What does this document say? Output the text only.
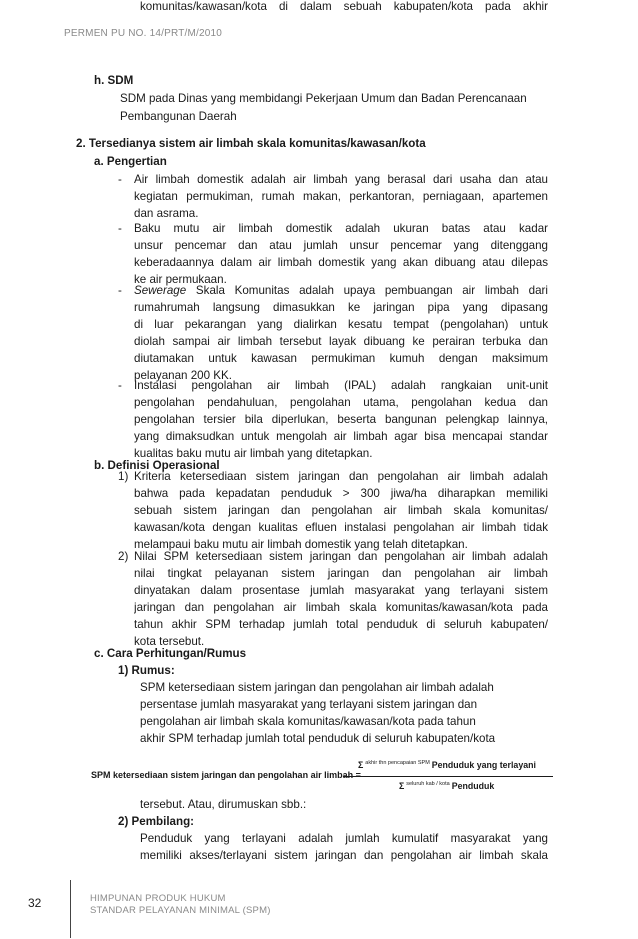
PERMEN PU NO. 14/PRT/M/2010
h. SDM
SDM pada Dinas yang membidangi Pekerjaan Umum dan Badan Perencanaan
Pembangunan Daerah
2. Tersedianya sistem air limbah skala komunitas/kawasan/kota
a. Pengertian
- Air limbah domestik adalah air limbah yang berasal dari usaha dan atau
kegiatan permukiman, rumah makan, perkantoran, perniagaan, apartemen
dan asrama.
- Baku mutu air limbah domestik adalah ukuran batas atau kadar
unsur pencemar dan atau jumlah unsur pencemar yang ditenggang
keberadaannya dalam air limbah domestik yang akan dibuang atau dilepas
ke air permukaan.
- Sewerage Skala Komunitas adalah upaya pembuangan air limbah dari
rumahrumah langsung dimasukkan ke jaringan pipa yang dipasang
di luar pekarangan yang dialirkan kesatu tempat (pengolahan) untuk
diolah sampai air limbah tersebut layak dibuang ke perairan terbuka dan
diutamakan untuk kawasan permukiman kumuh dengan maksimum
pelayanan 200 KK.
- Instalasi pengolahan air limbah (IPAL) adalah rangkaian unit-unit
pengolahan pendahuluan, pengolahan utama, pengolahan kedua dan
pengolahan tersier bila diperlukan, beserta bangunan pelengkap lainnya,
yang dimaksudkan untuk mengolah air limbah agar bisa mencapai standar
kualitas baku mutu air limbah yang ditetapkan.
b. Definisi Operasional
1) Kriteria ketersediaan sistem jaringan dan pengolahan air limbah adalah
bahwa pada kepadatan penduduk > 300 jiwa/ha diharapkan memiliki
sebuah sistem jaringan dan pengolahan air limbah skala komunitas/
kawasan/kota dengan kualitas efluen instalasi pengolahan air limbah tidak
melampaui baku mutu air limbah domestik yang telah ditetapkan.
2) Nilai SPM ketersediaan sistem jaringan dan pengolahan air limbah adalah
nilai tingkat pelayanan sistem jaringan dan pengolahan air limbah
dinyatakan dalam prosentase jumlah masyarakat yang terlayani sistem
jaringan dan pengolahan air limbah skala komunitas/kawasan/kota pada
tahun akhir SPM terhadap jumlah total penduduk di seluruh kabupaten/
kota tersebut.
c. Cara Perhitungan/Rumus
1) Rumus:
SPM ketersediaan sistem jaringan dan pengolahan air limbah adalah
persentase jumlah masyarakat yang terlayani sistem jaringan dan
pengolahan air limbah skala komunitas/kawasan/kota pada tahun
akhir SPM terhadap jumlah total penduduk di seluruh kabupaten/kota
tersebut. Atau, dirumuskan sbb.:
2) Pembilang:
Penduduk yang terlayani adalah jumlah kumulatif masyarakat yang
memiliki akses/terlayani sistem jaringan dan pengolahan air limbah skala
komunitas/kawasan/kota di dalam sebuah kabupaten/kota pada akhir
SPM ketersediaan sistem jaringan dan pengolahan air limbah =
Σ $^{akhir thn pencapaian SPM}$ Penduduk yang terlayani
Σ $^{seluruh kab / kota}$ Penduduk
32	HIMPUNAN PRODUK HUKUM
STANDAR PELAYANAN MINIMAL (SPM)
